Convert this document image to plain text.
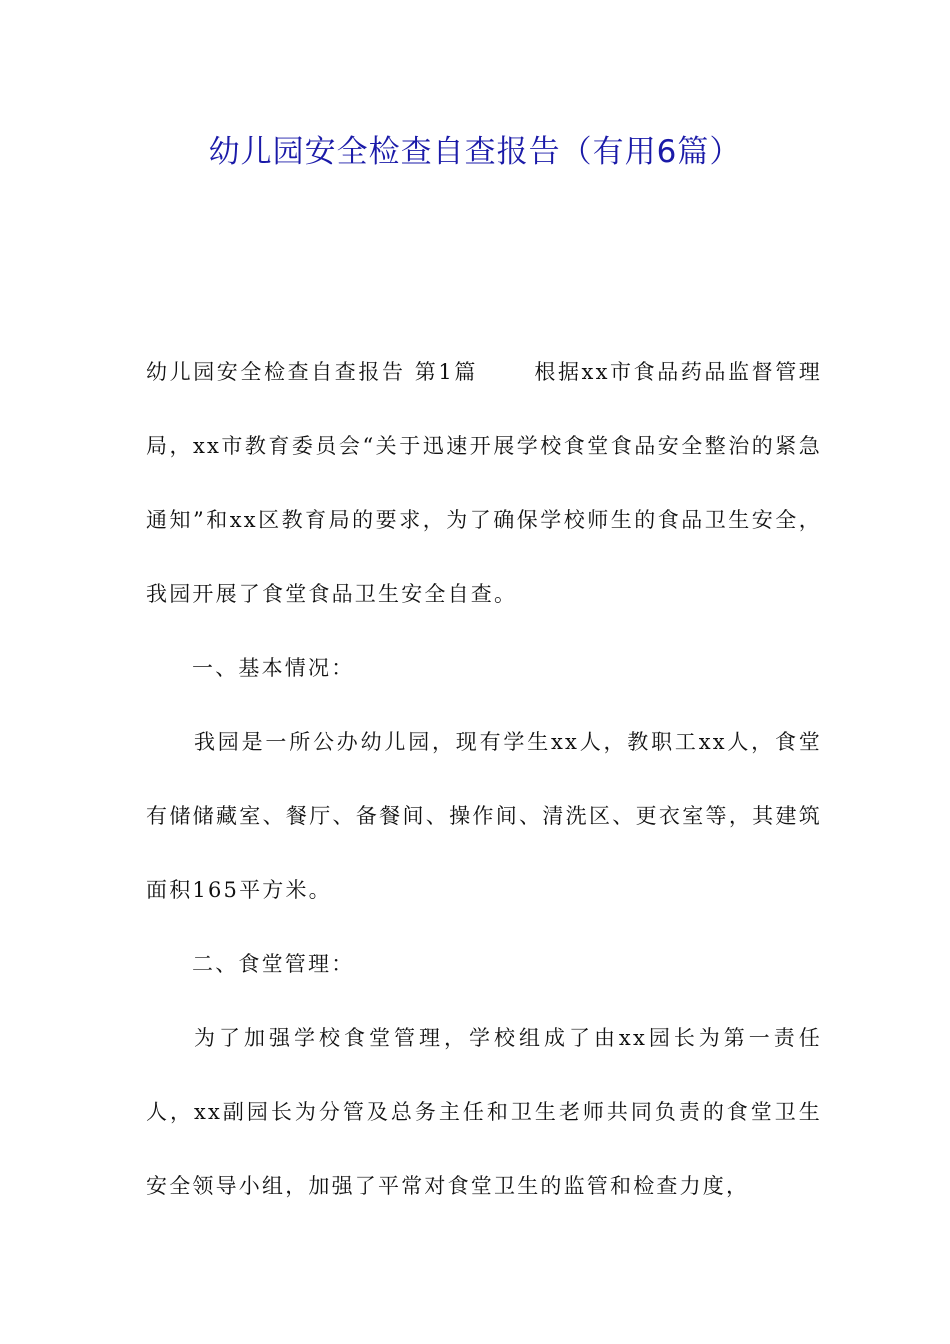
幼儿园安全检查自查报告（有用6篇）

幼儿园安全检查自查报告 第1篇	根据xx市食品药品监督管理局，xx市教育委员会“关于迅速开展学校食堂食品安全整治的紧急通知”和xx区教育局的要求，为了确保学校师生的食品卫生安全，我园开展了食堂食品卫生安全自查。

一、基本情况：

我园是一所公办幼儿园，现有学生xx人，教职工xx人，食堂有储储藏室、餐厅、备餐间、操作间、清洗区、更衣室等，其建筑面积165平方米。

二、食堂管理：

为了加强学校食堂管理，学校组成了由xx园长为第一责任人，xx副园长为分管及总务主任和卫生老师共同负责的食堂卫生安全领导小组，加强了平常对食堂卫生的监管和检查力度，
